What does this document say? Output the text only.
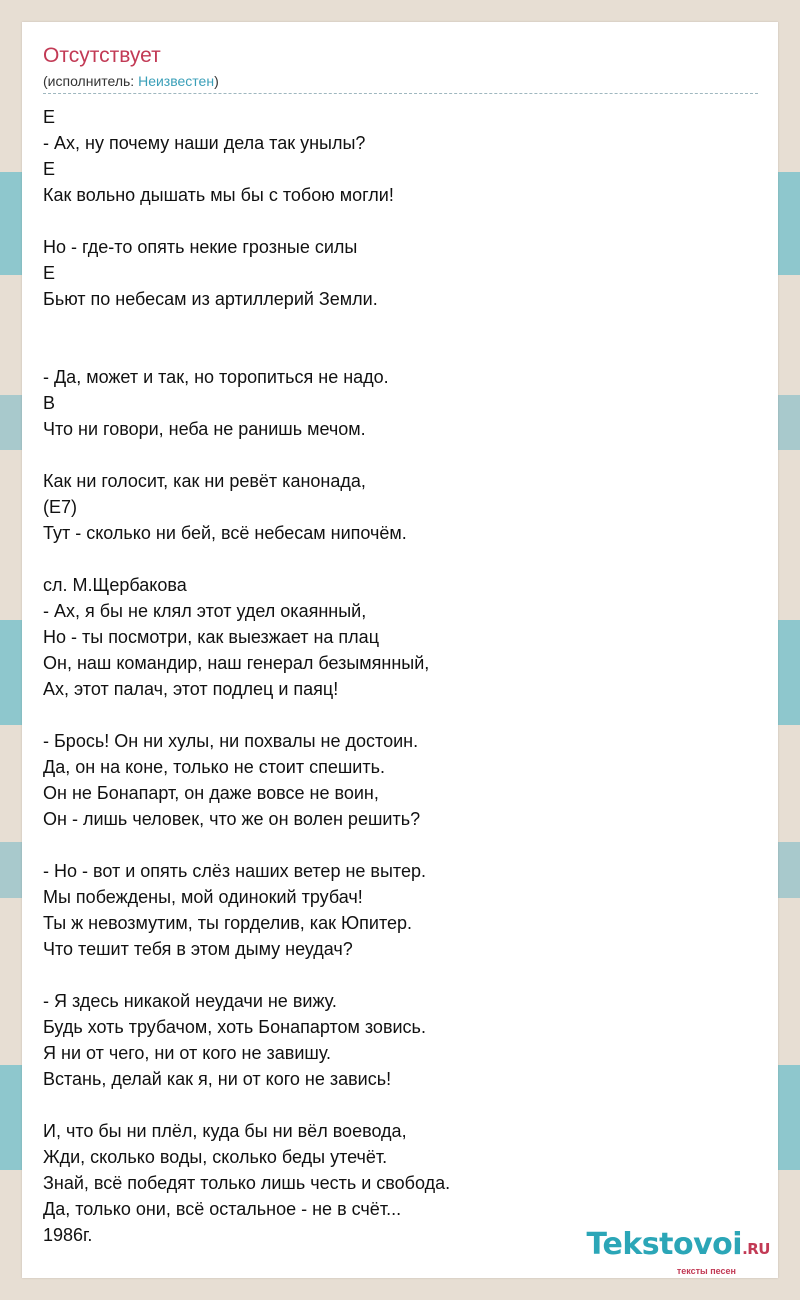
Отсутствует
(исполнитель: Неизвестен)
E
- Ах, ну почему наши дела так унылы?
E
Как вольно дышать мы бы с тобою могли!
Но - где-то опять некие грозные силы
E
Бьют по небесам из артиллерий Земли.
- Да, может и так, но торопиться не надо.
B
Что ни говори, неба не ранишь мечом.
Как ни голосит, как ни ревёт канонада,
(E7)
Тут - сколько ни бей, всё небесам нипочём.
сл. М.Щербакова
- Ах, я бы не клял этот удел окаянный,
Но - ты посмотри, как выезжает на плац
Он, наш командир, наш генерал безымянный,
Ах, этот палач, этот подлец и паяц!
- Брось! Он ни хулы, ни похвалы не достоин.
Да, он на коне, только не стоит спешить.
Он не Бонапарт, он даже вовсе не воин,
Он - лишь человек, что же он волен решить?
- Но - вот и опять слёз наших ветер не вытер.
Мы побеждены, мой одинокий трубач!
Ты ж невозмутим, ты горделив, как Юпитер.
Что тешит тебя в этом дыму неудач?
- Я здесь никакой неудачи не вижу.
Будь хоть трубачом, хоть Бонапартом зовись.
Я ни от чего, ни от кого не завишу.
Встань, делай как я, ни от кого не завись!
И, что бы ни плёл, куда бы ни вёл воевода,
Жди, сколько воды, сколько беды утечёт.
Знай, всё победят только лишь честь и свобода.
Да, только они, всё остальное - не в счёт...
1986г.	Tekstovoi.RU
тексты песен
